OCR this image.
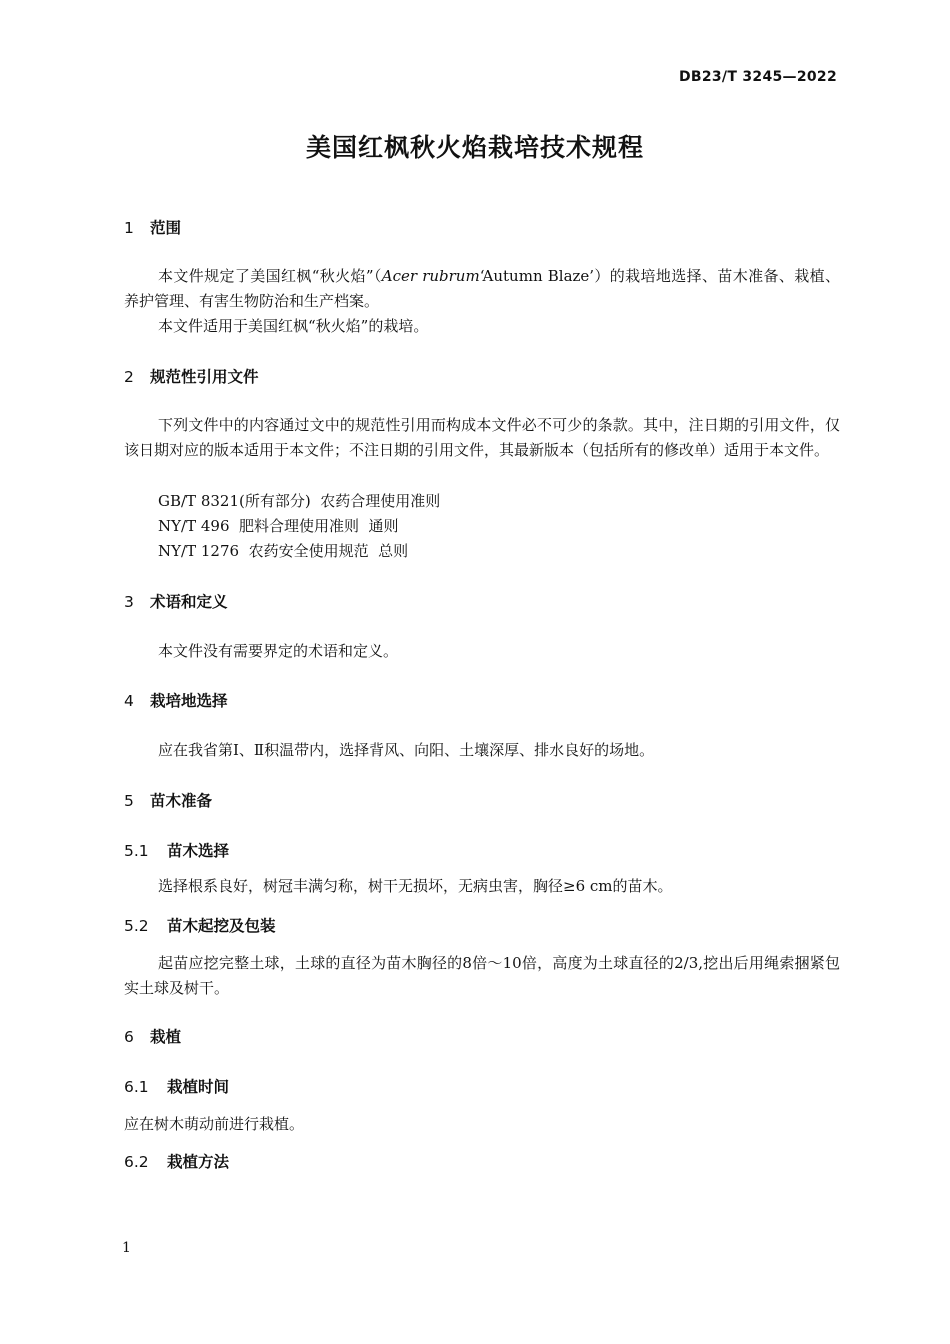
DB23/T 3245—2022
美国红枫秋火焰栽培技术规程
1 范围
本文件规定了美国红枫“秋火焰”（Acer rubrum‘Autumn Blaze’）的栽培地选择、苗木准备、栽植、养护管理、有害生物防治和生产档案。
本文件适用于美国红枫“秋火焰”的栽培。
2 规范性引用文件
下列文件中的内容通过文中的规范性引用而构成本文件必不可少的条款。其中，注日期的引用文件，仅该日期对应的版本适用于本文件；不注日期的引用文件，其最新版本（包括所有的修改单）适用于本文件。
GB/T 8321(所有部分)  农药合理使用准则
NY/T 496  肥料合理使用准则  通则
NY/T 1276  农药安全使用规范  总则
3 术语和定义
本文件没有需要界定的术语和定义。
4 栽培地选择
应在我省第Ⅰ、Ⅱ积温带内，选择背风、向阳、土壤深厚、排水良好的场地。
5 苗木准备
5.1 苗木选择
选择根系良好，树冠丰满匀称，树干无损坏，无病虫害，胸径≥6 cm的苗木。
5.2 苗木起挖及包装
起苗应挖完整土球，土球的直径为苗木胸径的8倍～10倍，高度为土球直径的2/3,挖出后用绳索捆紧包实土球及树干。
6 栽植
6.1 栽植时间
应在树木萌动前进行栽植。
6.2 栽植方法
1
